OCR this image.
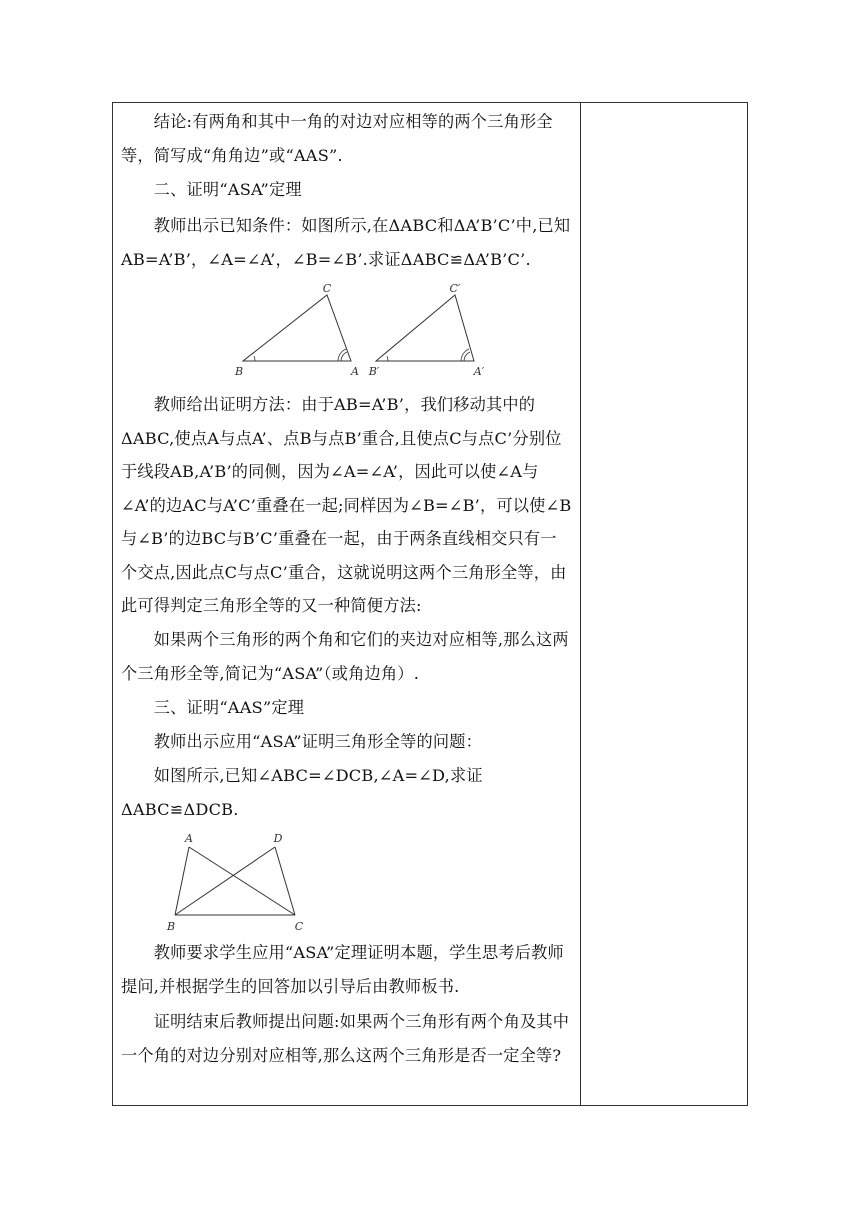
　　结论:有两角和其中一角的对边对应相等的两个三角形全等，简写成“角角边”或“AAS”.

　　二、证明“ASA”定理

　　教师出示已知条件：如图所示,在ΔABC和ΔA’B’C’中,已知AB=A’B’，∠A=∠A’，∠B=∠B’.求证ΔABC≌ΔA’B’C’.

C
B	A
C′
B′	A′

　　教师给出证明方法：由于AB=A’B’，我们移动其中的ΔABC,使点A与点A’、点B与点B’重合,且使点C与点C’分别位于线段AB,A’B’的同侧，因为∠A=∠A’，因此可以使∠A与∠A’的边AC与A’C’重叠在一起;同样因为∠B=∠B’，可以使∠B与∠B’的边BC与B’C’重叠在一起，由于两条直线相交只有一个交点,因此点C与点C’重合，这就说明这两个三角形全等，由此可得判定三角形全等的又一种简便方法:

　　如果两个三角形的两个角和它们的夹边对应相等,那么这两个三角形全等,简记为“ASA”（或角边角）.

　　三、证明“AAS”定理

　　教师出示应用“ASA”证明三角形全等的问题：

　　如图所示,已知∠ABC=∠DCB,∠A=∠D,求证ΔABC≌ΔDCB.

A	D
B	C

　　教师要求学生应用“ASA”定理证明本题，学生思考后教师提问,并根据学生的回答加以引导后由教师板书.

　　证明结束后教师提出问题:如果两个三角形有两个角及其中一个角的对边分别对应相等,那么这两个三角形是否一定全等?
